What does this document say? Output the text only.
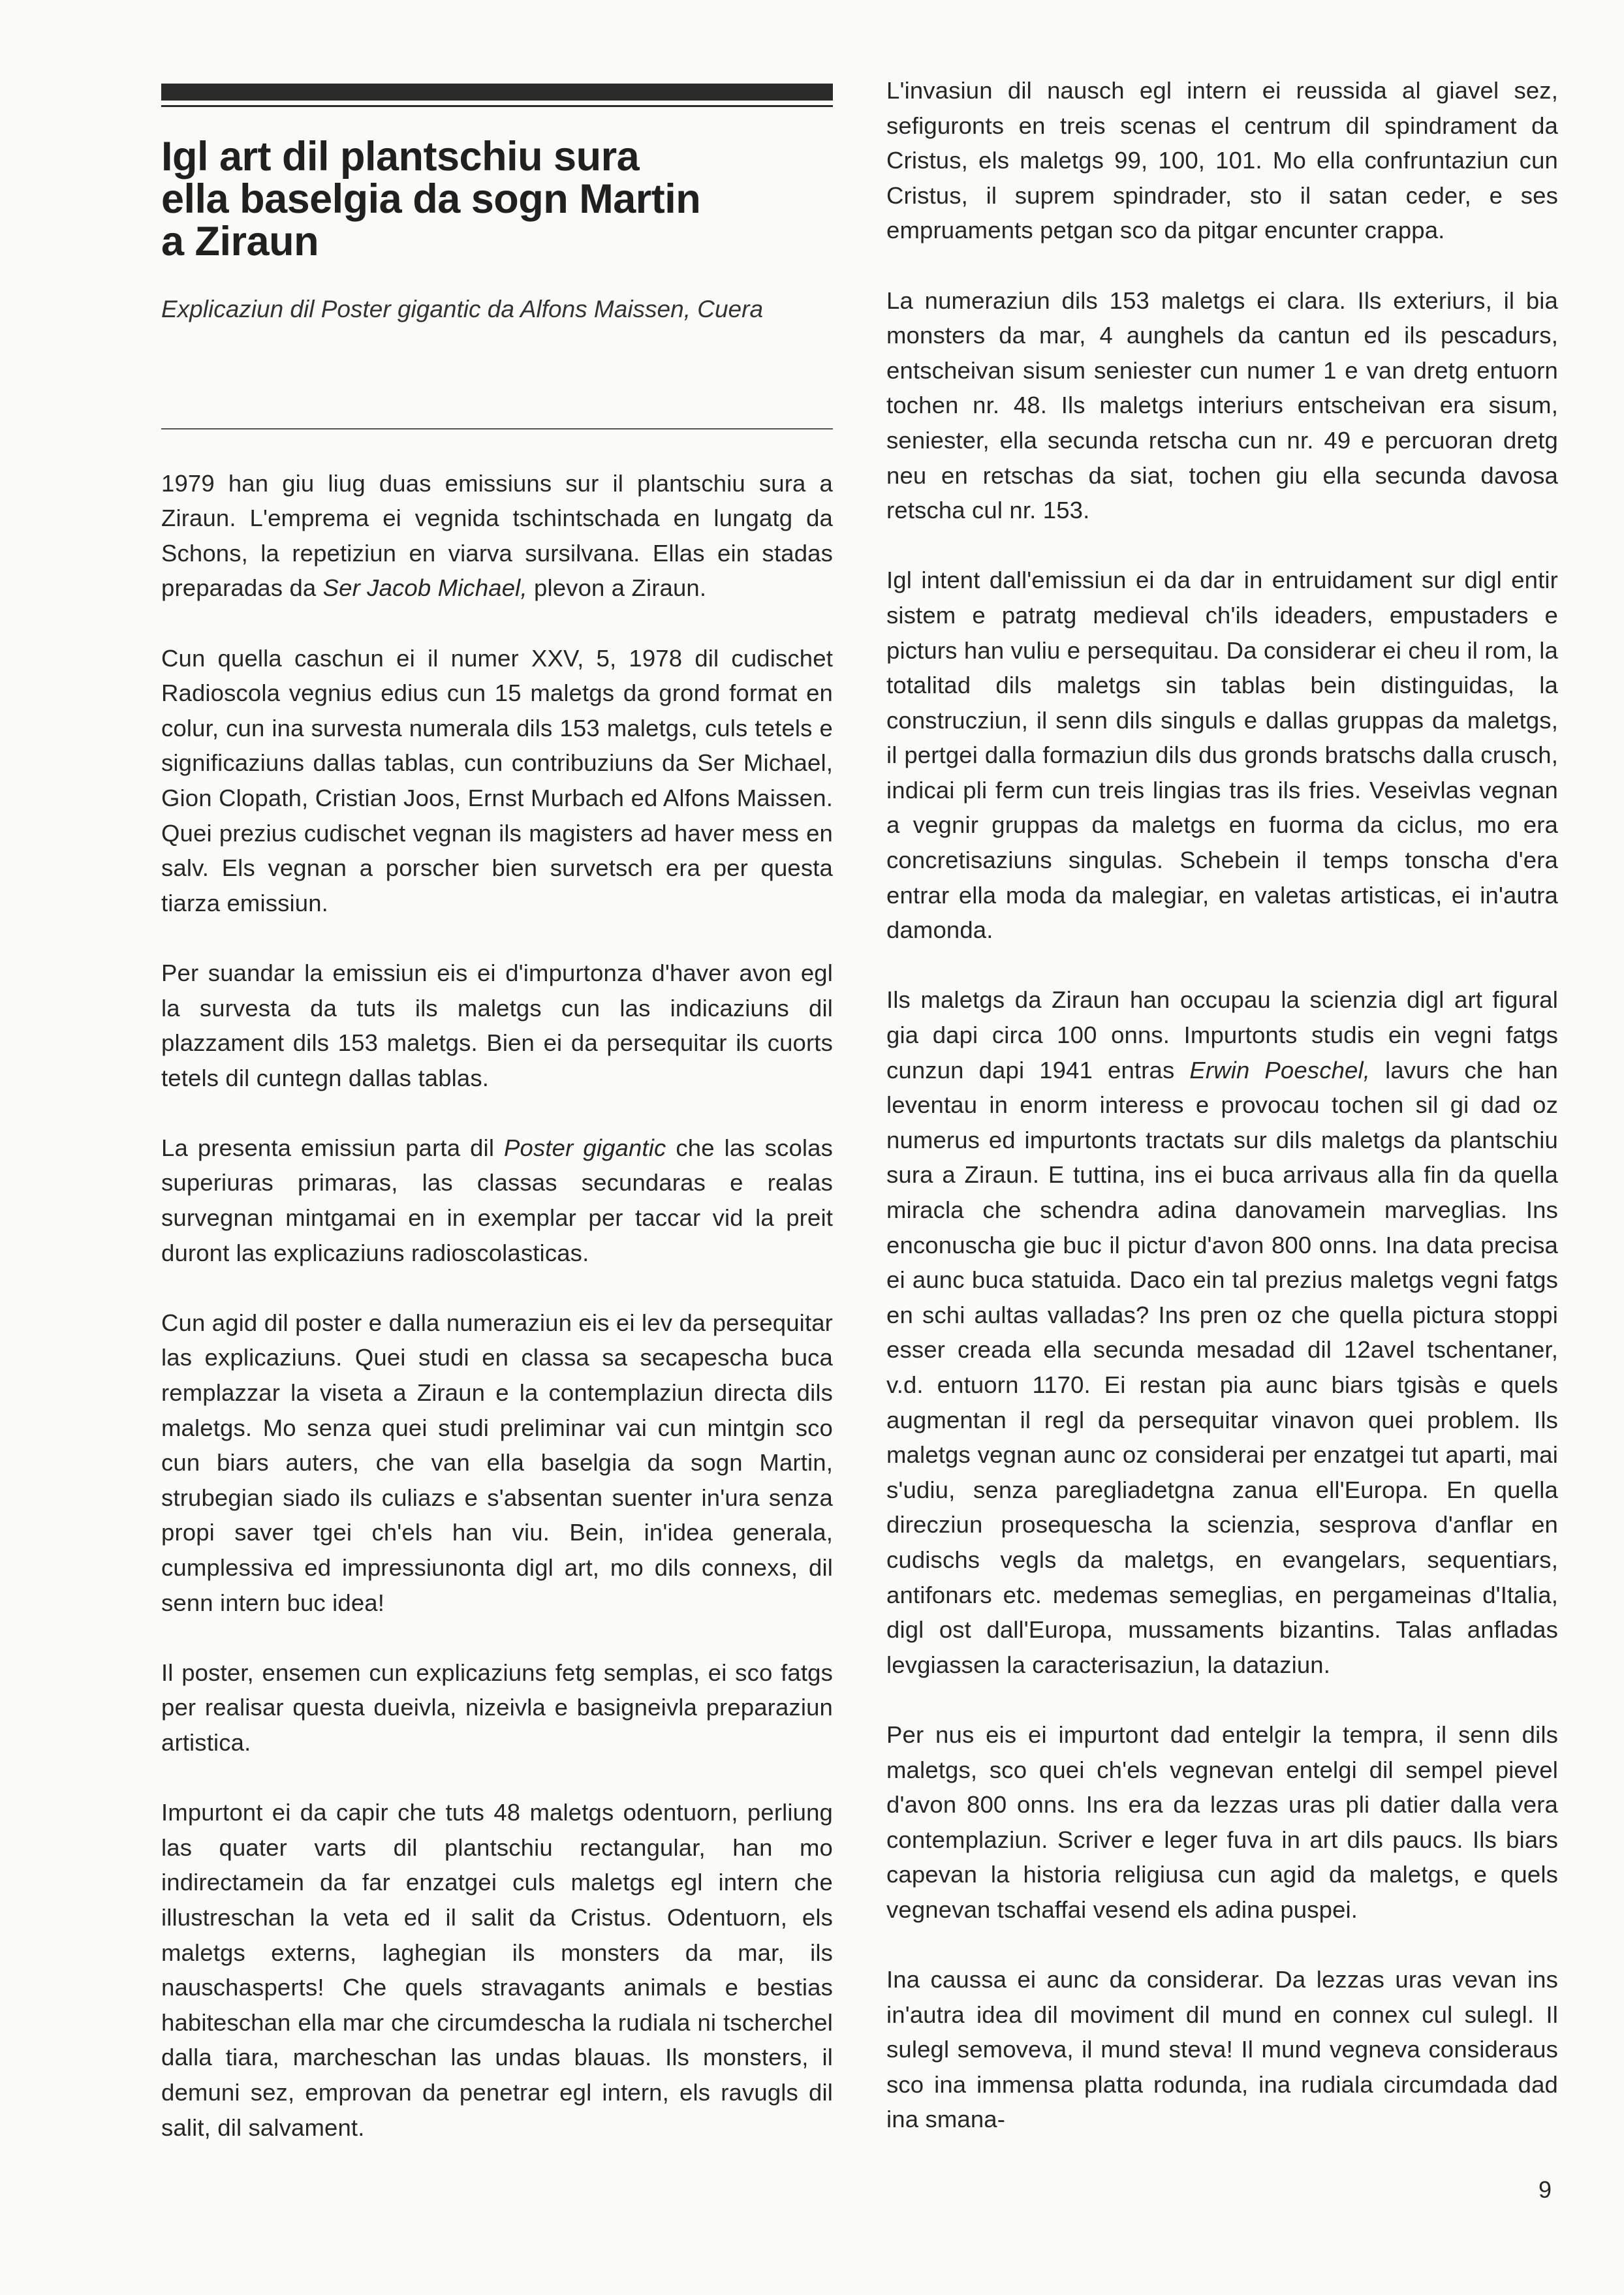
Igl art dil plantschiu sura
ella baselgia da sogn Martin
a Ziraun

Explicaziun dil Poster gigantic da Alfons Maissen, Cuera

1979 han giu liug duas emissiuns sur il plantschiu sura a Ziraun. L'emprema ei vegnida tschintschada en lungatg da Schons, la repetiziun en viarva sursilvana. Ellas ein stadas preparadas da Ser Jacob Michael, plevon a Ziraun.

Cun quella caschun ei il numer XXV, 5, 1978 dil cudischet Radioscola vegnius edius cun 15 maletgs da grond format en colur, cun ina survesta numerala dils 153 maletgs, culs tetels e significaziuns dallas tablas, cun contribuziuns da Ser Michael, Gion Clopath, Cristian Joos, Ernst Murbach ed Alfons Maissen. Quei prezius cudischet vegnan ils magisters ad haver mess en salv. Els vegnan a porscher bien survetsch era per questa tiarza emissiun.

Per suandar la emissiun eis ei d'impurtonza d'haver avon egl la survesta da tuts ils maletgs cun las indicaziuns dil plazzament dils 153 maletgs. Bien ei da persequitar ils cuorts tetels dil cuntegn dallas tablas.

La presenta emissiun parta dil Poster gigantic che las scolas superiuras primaras, las classas secundaras e realas survegnan mintgamai en in exemplar per taccar vid la preit duront las explicaziuns radioscolasticas.

Cun agid dil poster e dalla numeraziun eis ei lev da persequitar las explicaziuns. Quei studi en classa sa secapescha buca remplazzar la viseta a Ziraun e la contemplaziun directa dils maletgs. Mo senza quei studi preliminar vai cun mintgin sco cun biars auters, che van ella baselgia da sogn Martin, strubegian siado ils culiazs e s'absentan suenter in'ura senza propi saver tgei ch'els han viu. Bein, in'idea generala, cumplessiva ed impressiunonta digl art, mo dils connexs, dil senn intern buc idea!

Il poster, ensemen cun explicaziuns fetg semplas, ei sco fatgs per realisar questa dueivla, nizeivla e basigneivla preparaziun artistica.

Impurtont ei da capir che tuts 48 maletgs odentuorn, perliung las quater varts dil plantschiu rectangular, han mo indirectamein da far enzatgei culs maletgs egl intern che illustreschan la veta ed il salit da Cristus. Odentuorn, els maletgs externs, laghegian ils monsters da mar, ils nauschasperts! Che quels stravagants animals e bestias habiteschan ella mar che circumdescha la rudiala ni tscherchel dalla tiara, marcheschan las undas blauas. Ils monsters, il demuni sez, emprovan da penetrar egl intern, els ravugls dil salit, dil salvament.

L'invasiun dil nausch egl intern ei reussida al giavel sez, sefiguronts en treis scenas el centrum dil spindrament da Cristus, els maletgs 99, 100, 101. Mo ella confruntaziun cun Cristus, il suprem spindrader, sto il satan ceder, e ses empruaments petgan sco da pitgar encunter crappa.

La numeraziun dils 153 maletgs ei clara. Ils exteriurs, il bia monsters da mar, 4 aunghels da cantun ed ils pescadurs, entscheivan sisum seniester cun numer 1 e van dretg entuorn tochen nr. 48. Ils maletgs interiurs entscheivan era sisum, seniester, ella secunda retscha cun nr. 49 e percuoran dretg neu en retschas da siat, tochen giu ella secunda davosa retscha cul nr. 153.

Igl intent dall'emissiun ei da dar in entruidament sur digl entir sistem e patratg medieval ch'ils ideaders, empustaders e picturs han vuliu e persequitau. Da considerar ei cheu il rom, la totalitad dils maletgs sin tablas bein distinguidas, la construcziun, il senn dils singuls e dallas gruppas da maletgs, il pertgei dalla formaziun dils dus gronds bratschs dalla crusch, indicai pli ferm cun treis lingias tras ils fries. Veseivlas vegnan a vegnir gruppas da maletgs en fuorma da ciclus, mo era concretisaziuns singulas. Schebein il temps tonscha d'era entrar ella moda da malegiar, en valetas artisticas, ei in'autra damonda.

Ils maletgs da Ziraun han occupau la scienzia digl art figural gia dapi circa 100 onns. Impurtonts studis ein vegni fatgs cunzun dapi 1941 entras Erwin Poeschel, lavurs che han leventau in enorm interess e provocau tochen sil gi dad oz numerus ed impurtonts tractats sur dils maletgs da plantschiu sura a Ziraun. E tuttina, ins ei buca arrivaus alla fin da quella miracla che schendra adina danovamein marveglias. Ins enconuscha gie buc il pictur d'avon 800 onns. Ina data precisa ei aunc buca statuida. Daco ein tal prezius maletgs vegni fatgs en schi aultas valladas? Ins pren oz che quella pictura stoppi esser creada ella secunda mesadad dil 12avel tschentaner, v.d. entuorn 1170. Ei restan pia aunc biars tgisàs e quels augmentan il regl da persequitar vinavon quei problem. Ils maletgs vegnan aunc oz considerai per enzatgei tut aparti, mai s'udiu, senza paregliadetgna zanua ell'Europa. En quella direcziun prosequescha la scienzia, sesprova d'anflar en cudischs vegls da maletgs, en evangelars, sequentiars, antifonars etc. medemas semeglias, en pergameinas d'Italia, digl ost dall'Europa, mussaments bizantins. Talas anfladas levgiassen la caracterisaziun, la dataziun.

Per nus eis ei impurtont dad entelgir la tempra, il senn dils maletgs, sco quei ch'els vegnevan entelgi dil sempel pievel d'avon 800 onns. Ins era da lezzas uras pli datier dalla vera contemplaziun. Scriver e leger fuva in art dils paucs. Ils biars capevan la historia religiusa cun agid da maletgs, e quels vegnevan tschaffai vesend els adina puspei.

Ina caussa ei aunc da considerar. Da lezzas uras vevan ins in'autra idea dil moviment dil mund en connex cul sulegl. Il sulegl semoveva, il mund steva! Il mund vegneva consideraus sco ina immensa platta rodunda, ina rudiala circumdada dad ina smana-

9
